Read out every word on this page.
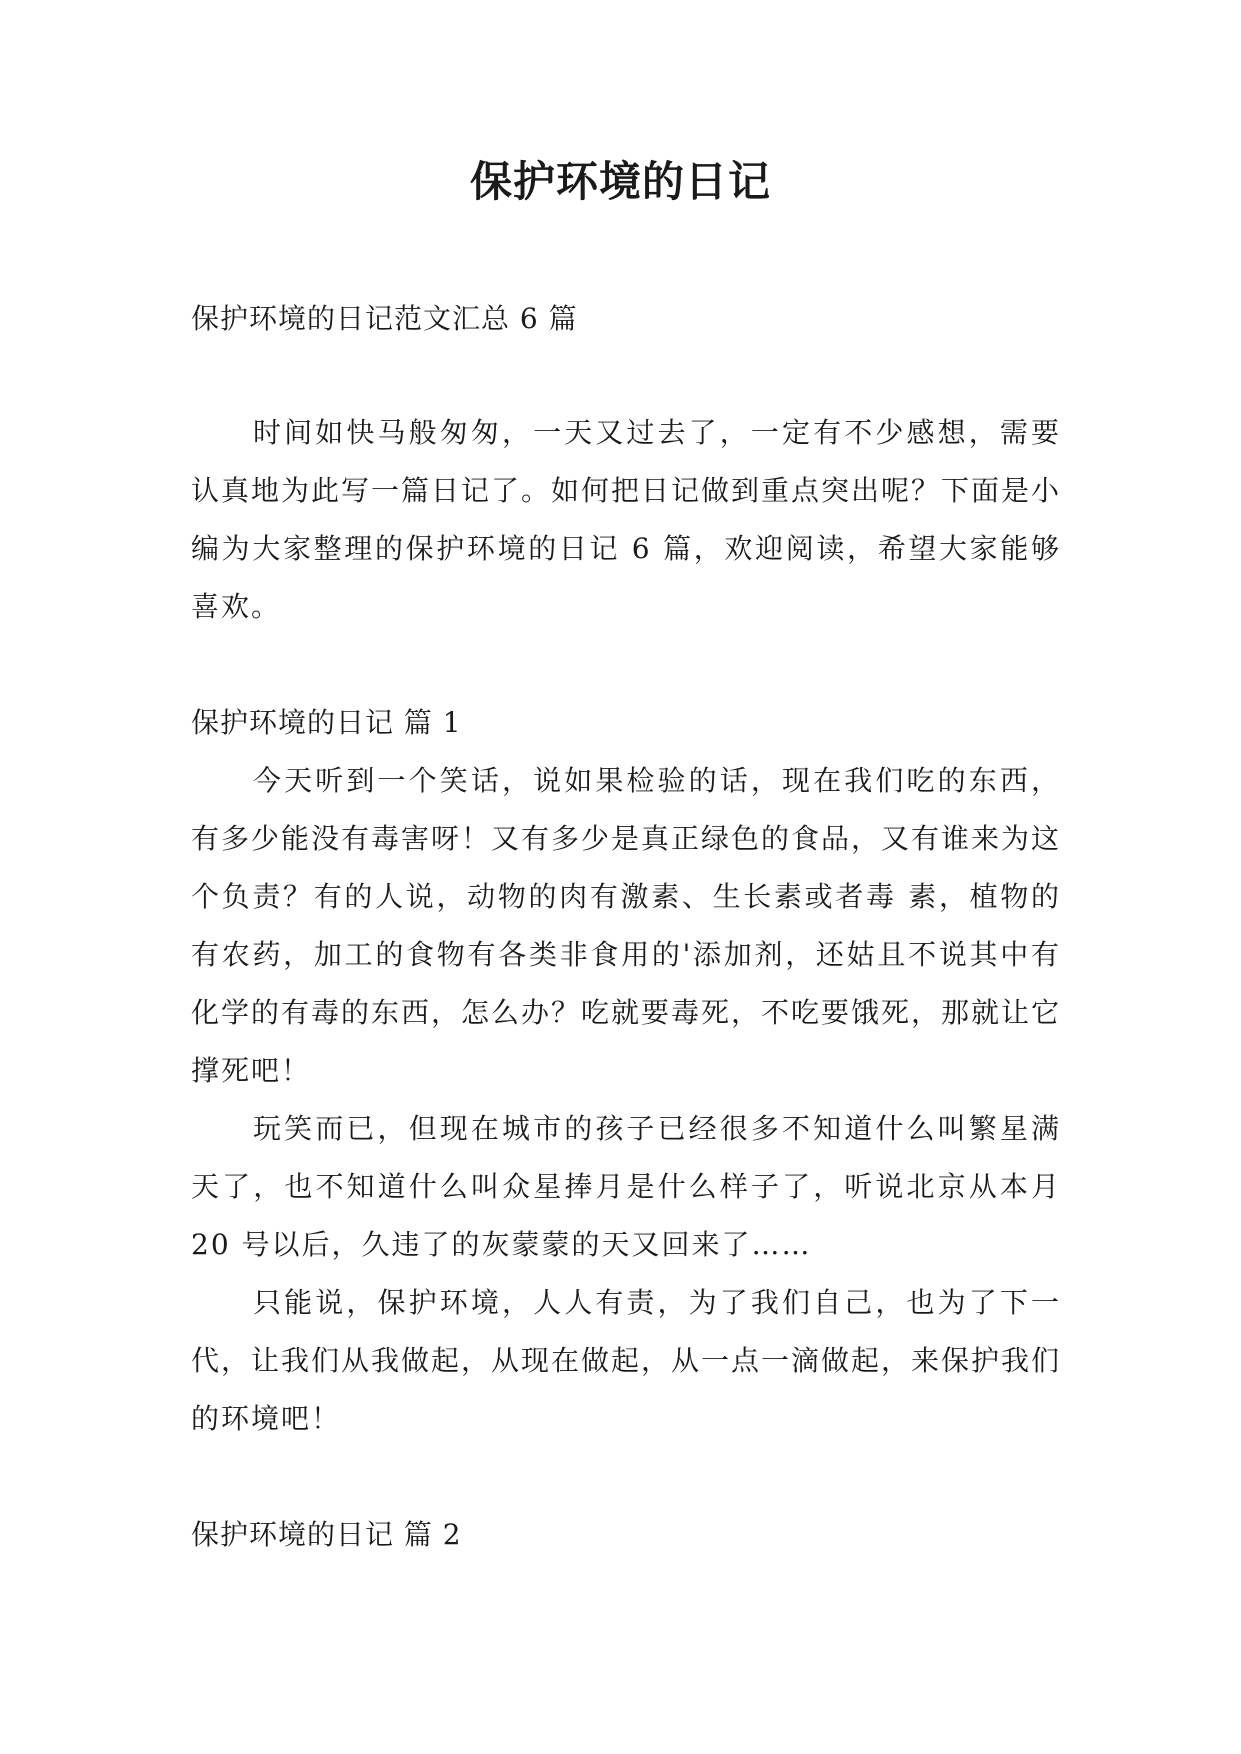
保护环境的日记

保护环境的日记范文汇总 6 篇

时间如快马般匆匆，一天又过去了，一定有不少感想，需要认真地为此写一篇日记了。如何把日记做到重点突出呢？下面是小编为大家整理的保护环境的日记 6 篇，欢迎阅读，希望大家能够喜欢。

保护环境的日记 篇 1

今天听到一个笑话，说如果检验的话，现在我们吃的东西，有多少能没有毒害呀！又有多少是真正绿色的食品，又有谁来为这个负责？有的人说，动物的肉有激素、生长素或者毒 素，植物的有农药，加工的食物有各类非食用的'添加剂，还姑且不说其中有化学的有毒的东西，怎么办？吃就要毒死，不吃要饿死，那就让它撑死吧！

玩笑而已，但现在城市的孩子已经很多不知道什么叫繁星满天了，也不知道什么叫众星捧月是什么样子了，听说北京从本月 20 号以后，久违了的灰蒙蒙的天又回来了……

只能说，保护环境，人人有责，为了我们自己，也为了下一代，让我们从我做起，从现在做起，从一点一滴做起，来保护我们的环境吧！

保护环境的日记 篇 2
